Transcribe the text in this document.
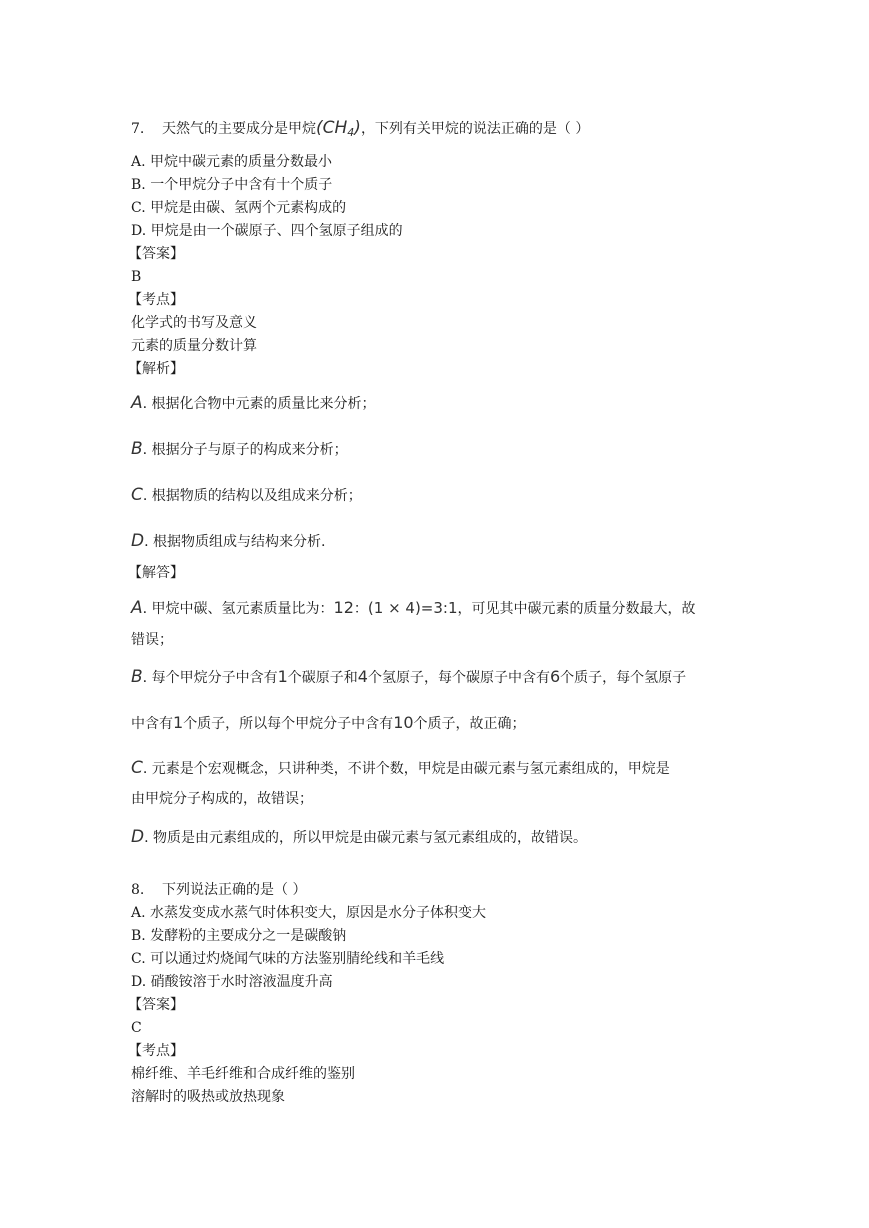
7. 天然气的主要成分是甲烷$(CH_4)$，下列有关甲烷的说法正确的是（ ）
A. 甲烷中碳元素的质量分数最小
B. 一个甲烷分子中含有十个质子
C. 甲烷是由碳、氢两个元素构成的
D. 甲烷是由一个碳原子、四个氢原子组成的
【答案】
B
【考点】
化学式的书写及意义
元素的质量分数计算
【解析】
A. 根据化合物中元素的质量比来分析；
B. 根据分子与原子的构成来分析；
C. 根据物质的结构以及组成来分析；
D. 根据物质组成与结构来分析.
【解答】
A. 甲烷中碳、氢元素质量比为：12：(1 × 4)=3:1，可见其中碳元素的质量分数最大，故
错误；
B. 每个甲烷分子中含有1个碳原子和4个氢原子，每个碳原子中含有6个质子，每个氢原子
中含有1个质子，所以每个甲烷分子中含有10个质子，故正确；
C. 元素是个宏观概念，只讲种类，不讲个数，甲烷是由碳元素与氢元素组成的，甲烷是
由甲烷分子构成的，故错误；
D. 物质是由元素组成的，所以甲烷是由碳元素与氢元素组成的，故错误。
8. 下列说法正确的是（ ）
A. 水蒸发变成水蒸气时体积变大，原因是水分子体积变大
B. 发酵粉的主要成分之一是碳酸钠
C. 可以通过灼烧闻气味的方法鉴别腈纶线和羊毛线
D. 硝酸铵溶于水时溶液温度升高
【答案】
C
【考点】
棉纤维、羊毛纤维和合成纤维的鉴别
溶解时的吸热或放热现象
